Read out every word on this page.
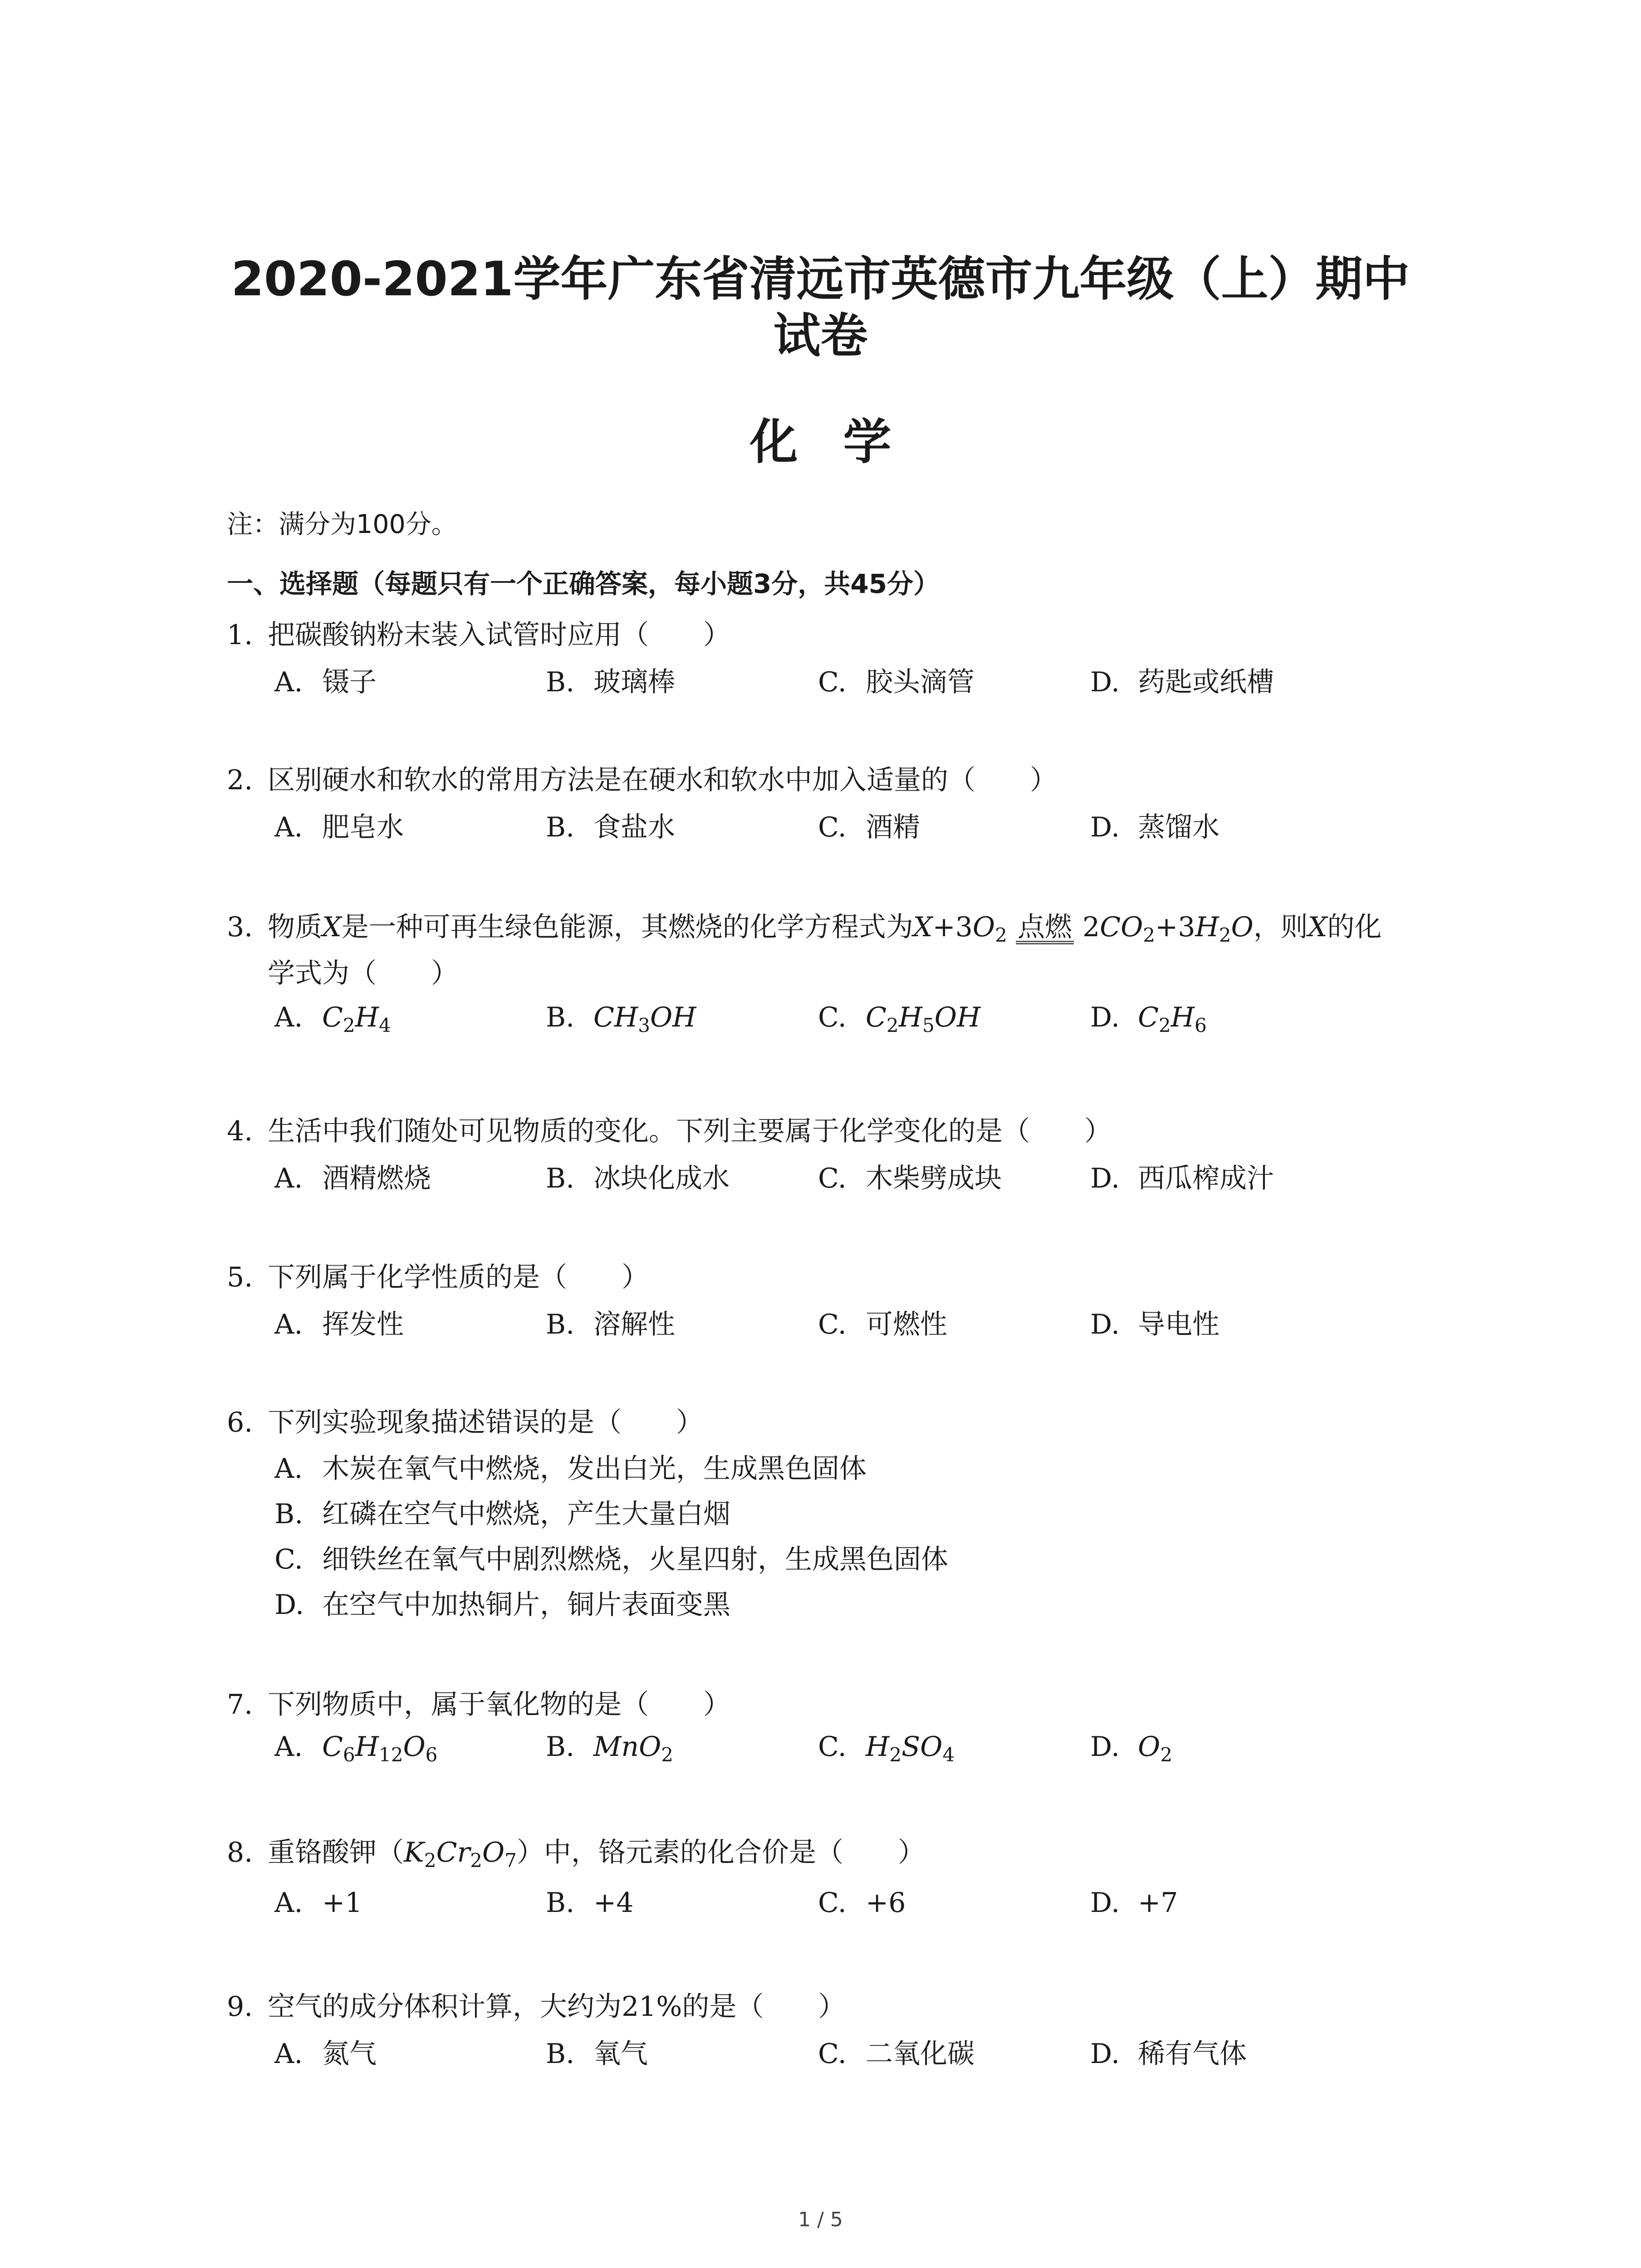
2020-2021学年广东省清远市英德市九年级（上）期中
试卷
化学
注：满分为100分。
一、选择题（每题只有一个正确答案，每小题3分，共45分）
1. 把碳酸钠粉末装入试管时应用（　　）
A. 镊子	B. 玻璃棒	C. 胶头滴管	D. 药匙或纸槽
2. 区别硬水和软水的常用方法是在硬水和软水中加入适量的（　　）
A. 肥皂水	B. 食盐水	C. 酒精	D. 蒸馏水
3. 物质X是一种可再生绿色能源，其燃烧的化学方程式为$X+3O_2$ 点燃 $2CO_2+3H_2O$，则X的化
学式为（　　）
A. $C_2H_4$	B. $CH_3OH$	C. $C_2H_5OH$	D. $C_2H_6$
4. 生活中我们随处可见物质的变化。下列主要属于化学变化的是（　　）
A. 酒精燃烧	B. 冰块化成水	C. 木柴劈成块	D. 西瓜榨成汁
5. 下列属于化学性质的是（　　）
A. 挥发性	B. 溶解性	C. 可燃性	D. 导电性
6. 下列实验现象描述错误的是（　　）
A. 木炭在氧气中燃烧，发出白光，生成黑色固体
B. 红磷在空气中燃烧，产生大量白烟
C. 细铁丝在氧气中剧烈燃烧，火星四射，生成黑色固体
D. 在空气中加热铜片，铜片表面变黑
7. 下列物质中，属于氧化物的是（　　）
A. $C_6H_{12}O_6$	B. MnO$_2$	C. $H_2SO_4$	D. $O_2$
8. 重铬酸钾$(K_2Cr_2O_7)$中，铬元素的化合价是（　　）
A. +1	B. +4	C. +6	D. +7
9. 空气的成分体积计算，大约为21%的是（　　）
A. 氮气	B. 氧气	C. 二氧化碳	D. 稀有气体
1 / 5
